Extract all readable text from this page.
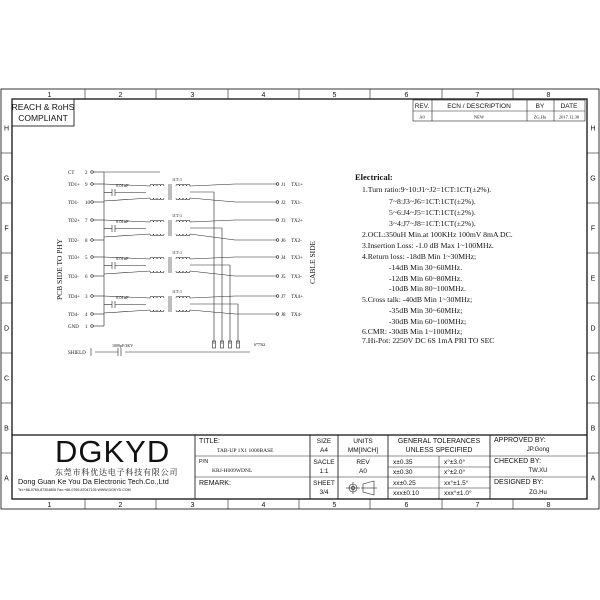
1
1
2
2
3
3
4
4
5
5
6
6
7
7
8
8
H	H
G	G
F	F
E	E
D	D
C	C
B	B
A	A
REACH & RoHS
COMPLIANT
REV.	ECN / DESCRIPTION	BY DATE
A0	NEW	ZG.Hu	2017.12.30
CT 2
TD1+ 9
TD1- 10
TD2+ 7
TD2- 8
TD3+ 5
TD3- 6
TD4+ 3
TD4- 4
GND 1
0.01uF
1CT:1
0.01uF
1CT:1
0.01uF
1CT:1
0.01uF
1CT:1
J1 TX1+
J2 TX1-
J3 TX2+
J6 TX2-
J4 TX3+
J5 TX3-
J7 TX4+
J8 TX4-
6*75Ω
1000pF/2KV
SHIELD
PCB SIDE TO PHY	CABLE SIDE
Electrical:
1.Turn ratio:9~10:J1~J2=1CT:1CT(±2%).
7~8:J3~J6=1CT:1CT(±2%).
5~6:J4~J5=1CT:1CT(±2%).
3~4:J7~J8=1CT:1CT(±2%).
2.OCL:350uH Min.at 100KHz 100mV 8mA DC.
3.Insertion Loss: -1.0 dB Max 1~100MHz.
4.Return loss: -18dB Min 1~30MHz;
-14dB Min 30~60MHz.
-12dB Min 60~80MHz.
-10dB Min 80~100MHz.
5.Cross talk: -40dB Min 1~30MHz;
-35dB Min 30~60MHz;
-30dB Min 60~100MHz;
6.CMR: -30dB Min 1~100MHz;
7.Hi-Pot: 2250V DC 6S 1mA PRI TO SEC
DGKYD
东莞市科优达电子科技有限公司
Dong Guan Ke You Da Electronic Tech.Co.,Ltd
Tel:+86-0769-87304806 Fax:+86-0769-87047126 WWW.DGKYD.COM
TITLE:
TAB-UP 1X1 1000BASE
P/N
KRJ-H009WDNL
REMARK:
SIZE
A4
SACLE
1:1
SHEET
3/4
UNITS
MM[INCH]
REV
A0
GENERAL TOLERANCES
UNLESS SPECIFIED
x±0.35	x°±3.0°
x±0.30	x°±2.0°
xx±0.25	xx°±1.5°
xxx±0.10	xxx°±1.0°
APPROVED BY:
JP.Gong
CHECKED BY:
TW.XU
DESIGNED BY:
ZG.Hu
